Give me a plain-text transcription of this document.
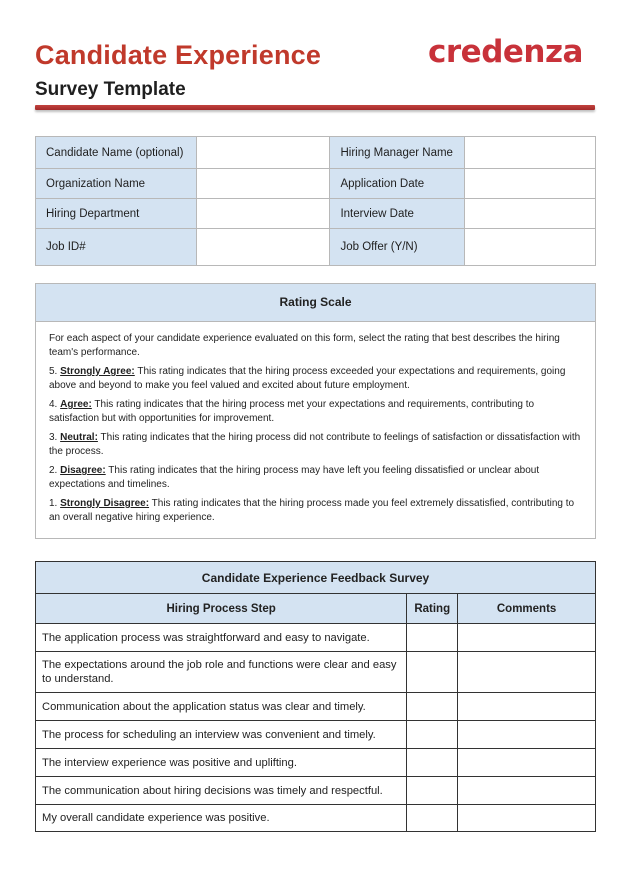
Candidate Experience
Survey Template
credenza
Candidate Name (optional)		Hiring Manager Name	
Organization Name		Application Date	
Hiring Department		Interview Date	
Job ID#		Job Offer (Y/N)	
Rating Scale

For each aspect of your candidate experience evaluated on this form, select the rating that best describes the hiring team's performance.

5. Strongly Agree: This rating indicates that the hiring process exceeded your expectations and requirements, going above and beyond to make you feel valued and excited about future employment.

4. Agree: This rating indicates that the hiring process met your expectations and requirements, contributing to satisfaction but with opportunities for improvement.

3. Neutral: This rating indicates that the hiring process did not contribute to feelings of satisfaction or dissatisfaction with the process.

2. Disagree: This rating indicates that the hiring process may have left you feeling dissatisfied or unclear about expectations and timelines.

1. Strongly Disagree: This rating indicates that the hiring process made you feel extremely dissatisfied, contributing to an overall negative hiring experience.

Candidate Experience Feedback Survey		
Hiring Process Step	Rating	Comments
The application process was straightforward and easy to navigate.		
The expectations around the job role and functions were clear and easy to understand.		
Communication about the application status was clear and timely.		
The process for scheduling an interview was convenient and timely.		
The interview experience was positive and uplifting.		
The communication about hiring decisions was timely and respectful.		
My overall candidate experience was positive.		
